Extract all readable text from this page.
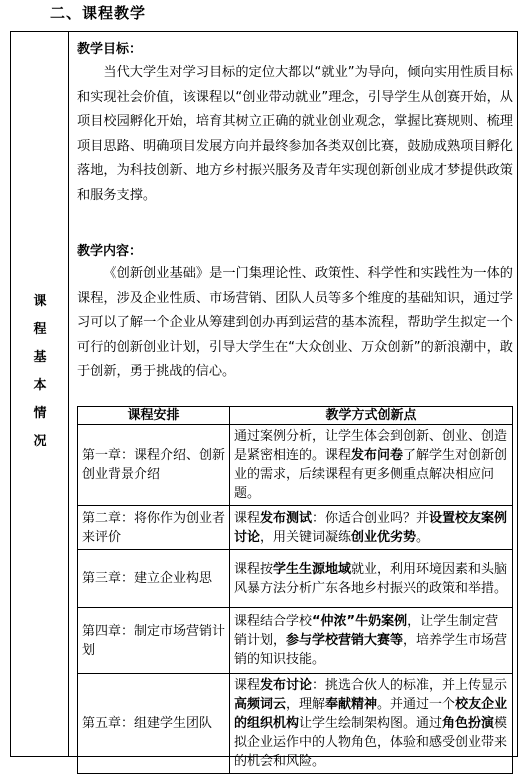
二、课程教学
课
程
基
本
情
况
教学目标：
当代大学生对学习目标的定位大都以“就业”为导向，倾向实用性质目标和实现社会价值，该课程以“创业带动就业”理念，引导学生从创赛开始，从项目校园孵化开始，培育其树立正确的就业创业观念，掌握比赛规则、梳理项目思路、明确项目发展方向并最终参加各类双创比赛，鼓励成熟项目孵化落地，为科技创新、地方乡村振兴服务及青年实现创新创业成才梦提供政策和服务支撑。
教学内容：
《创新创业基础》是一门集理论性、政策性、科学性和实践性为一体的课程，涉及企业性质、市场营销、团队人员等多个维度的基础知识，通过学习可以了解一个企业从筹建到创办再到运营的基本流程，帮助学生拟定一个可行的创新创业计划，引导大学生在“大众创业、万众创新”的新浪潮中，敢于创新，勇于挑战的信心。
课程安排	教学方式创新点
第一章：课程介绍、创新创业背景介绍	通过案例分析，让学生体会到创新、创业、创造是紧密相连的。课程发布问卷了解学生对创新创业的需求，后续课程有更多侧重点解决相应问题。
第二章：将你作为创业者来评价	课程发布测试：你适合创业吗？并设置校友案例讨论，用关键词凝练创业优劣势。
第三章：建立企业构思	课程按学生生源地域就业，利用环境因素和头脑风暴方法分析广东各地乡村振兴的政策和举措。
第四章：制定市场营销计划	课程结合学校“仲浓”牛奶案例，让学生制定营销计划，参与学校营销大赛等，培养学生市场营销的知识技能。
第五章：组建学生团队	课程发布讨论：挑选合伙人的标准，并上传显示高频词云，理解奉献精神。并通过一个校友企业的组织机构让学生绘制架构图。通过角色扮演模拟企业运作中的人物角色，体验和感受创业带来的机会和风险。
